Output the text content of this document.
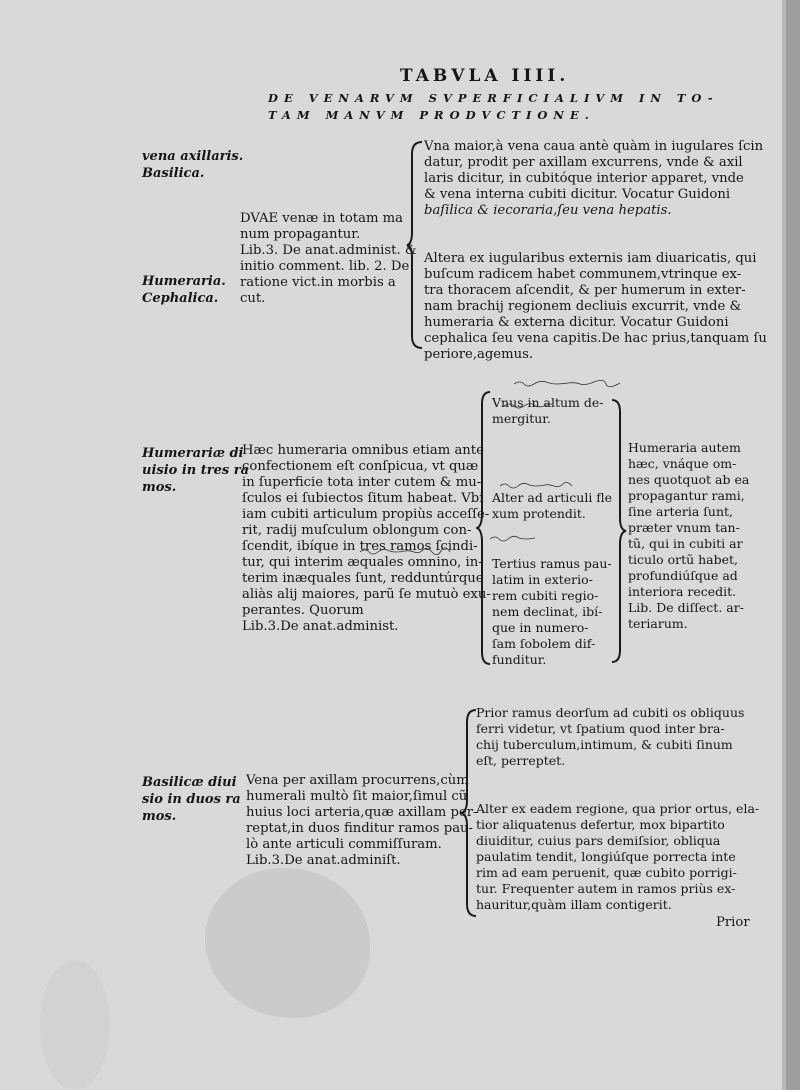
TABVLA IIII.
DE VENARVM SVPERFICIALIVM IN TO-
TAM MANVM PRODVCTIONE.
vena axillaris.
Basilica.
Humeraria.
Cephalica.
Humerariæ di
uisio in tres ra
mos.
Basilicæ diui
sio in duos ra
mos.
DVAE venæ in totam ma
num propagantur.
Lib.3. De anat.administ. &
initio comment. lib. 2. De
ratione vict.in morbis a
cut.
Vna maior,à vena caua antè quàm in iugulares ſcin
datur, prodit per axillam excurrens, vnde & axil
laris dicitur, in cubitóque interior apparet, vnde
& vena interna cubiti dicitur. Vocatur Guidoni
baſilica & iecoraria,ſeu vena hepatis.
Altera ex iugularibus externis iam diuaricatis, qui
buſcum radicem habet communem,vtrinque ex-
tra thoracem aſcendit, & per humerum in exter-
nam brachij regionem decliuis excurrit, vnde &
humeraria & externa dicitur. Vocatur Guidoni
cephalica ſeu vena capitis.De hac prius,tanquam ſu
periore,agemus.
Hæc humeraria omnibus etiam ante
confectionem eſt conſpicua, vt quæ
in ſuperficie tota inter cutem & mu-
ſculos ei ſubiectos ſitum habeat. Vbi
iam cubiti articulum propiùs acceſſe-
rit, radij muſculum oblongum con-
ſcendit, ibíque in tres ramos ſcindi-
tur, qui interim æquales omnino, in-
terim inæquales ſunt, redduntúrque
aliàs alij maiores, parũ ſe mutuò exu-
perantes. Quorum
Lib.3.De anat.administ.
Vnus in altum de-
mergitur.
Alter ad articuli fle
xum protendit.
Tertius ramus pau-
latim in exterio-
rem cubiti regio-
nem declinat, ibí-
que in numero-
ſam ſobolem dif-
funditur.
Humeraria autem
hæc, vnáque om-
nes quotquot ab ea
propagantur rami,
ſine arteria ſunt,
præter vnum tan-
tũ, qui in cubiti ar
ticulo ortũ habet,
profundiúſque ad
interiora recedit.
Lib. De diſſect. ar-
teriarum.
Vena per axillam procurrens,cùm
humerali multò ſit maior,ſimul cũ
huius loci arteria,quæ axillam per-
reptat,in duos finditur ramos pau-
lò ante articuli commiſſuram.
Lib.3.De anat.adminiſt.
Prior ramus deorſum ad cubiti os obliquus
ferri videtur, vt ſpatium quod inter bra-
chij tuberculum,intimum, & cubiti ſinum
eſt, perreptet.
Alter ex eadem regione, qua prior ortus, ela-
tior aliquatenus defertur, mox bipartito
diuiditur, cuius pars demiſsior, obliqua
paulatim tendit, longiúſque porrecta inte
rim ad eam peruenit, quæ cubito porrigi-
tur. Frequenter autem in ramos priùs ex-
hauritur,quàm illam contigerit.
Prior
